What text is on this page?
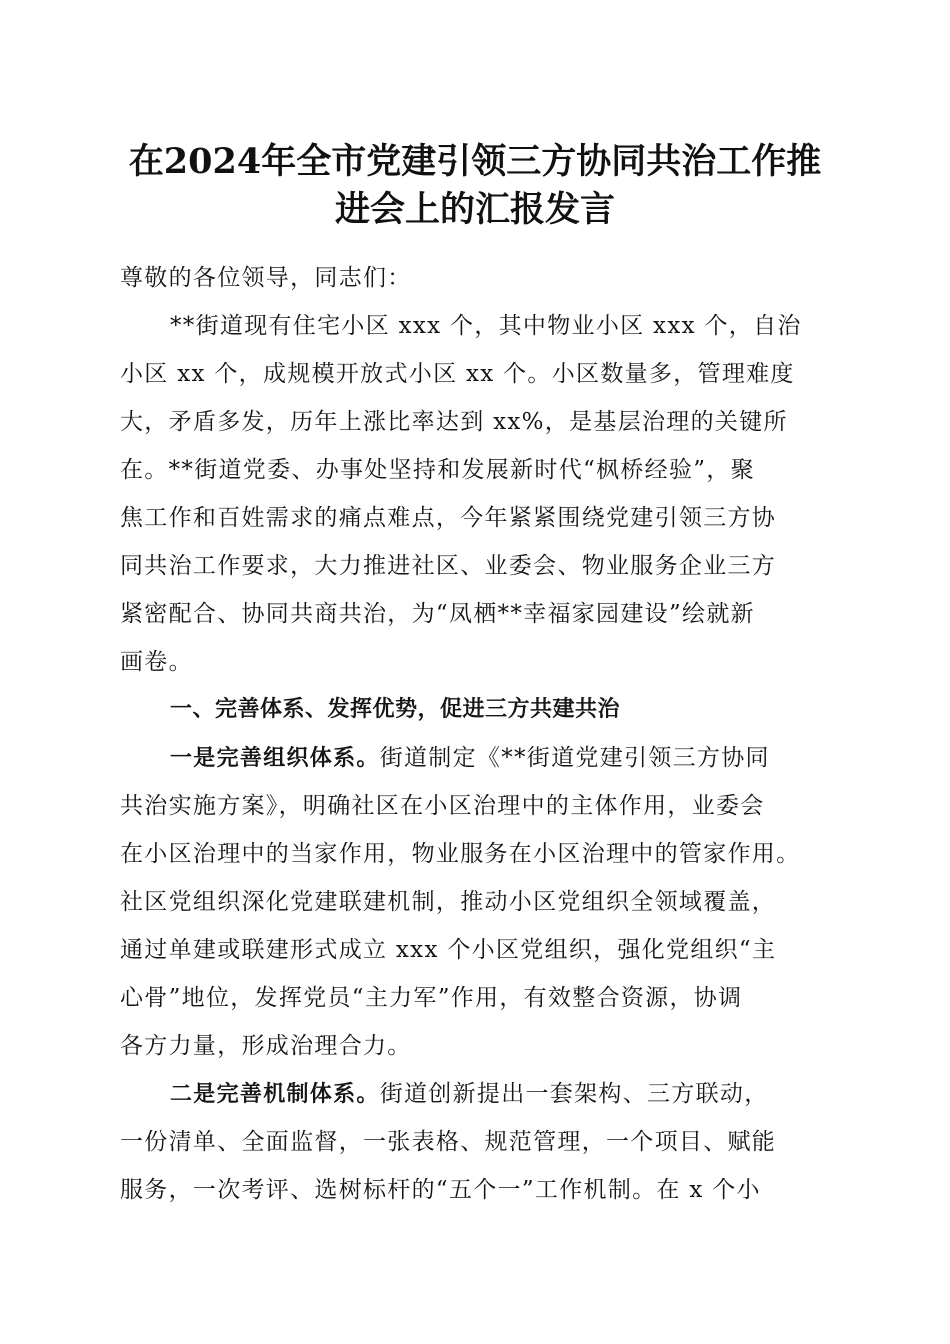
在2024年全市党建引领三方协同共治工作推
进会上的汇报发言
尊敬的各位领导，同志们：
**街道现有住宅小区 xxx 个，其中物业小区 xxx 个，自治
小区 xx 个，成规模开放式小区 xx 个。小区数量多，管理难度
大，矛盾多发，历年上涨比率达到 xx%，是基层治理的关键所
在。**街道党委、办事处坚持和发展新时代“枫桥经验”，聚
焦工作和百姓需求的痛点难点，今年紧紧围绕党建引领三方协
同共治工作要求，大力推进社区、业委会、物业服务企业三方
紧密配合、协同共商共治，为“凤栖**幸福家园建设”绘就新
画卷。
一、完善体系、发挥优势，促进三方共建共治
一是完善组织体系。街道制定《**街道党建引领三方协同
共治实施方案》，明确社区在小区治理中的主体作用，业委会
在小区治理中的当家作用，物业服务在小区治理中的管家作用。
社区党组织深化党建联建机制，推动小区党组织全领域覆盖，
通过单建或联建形式成立 xxx 个小区党组织，强化党组织“主
心骨”地位，发挥党员“主力军”作用，有效整合资源，协调
各方力量，形成治理合力。
二是完善机制体系。街道创新提出一套架构、三方联动，
一份清单、全面监督，一张表格、规范管理，一个项目、赋能
服务，一次考评、选树标杆的“五个一”工作机制。在 x 个小
